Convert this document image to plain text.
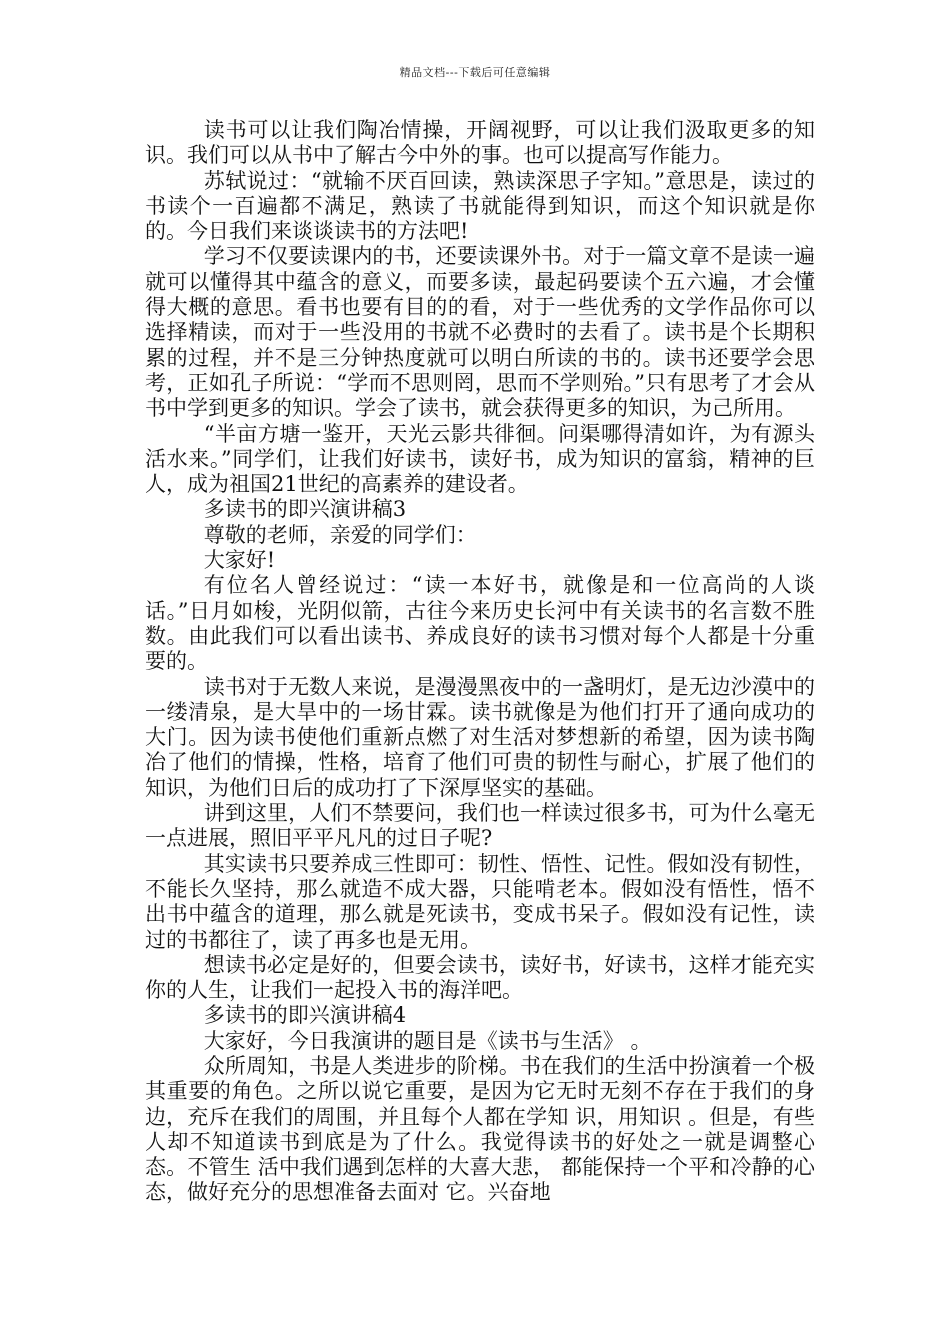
精品文档---下载后可任意编辑

读书可以让我们陶冶情操，开阔视野，可以让我们汲取更多的知识。我们可以从书中了解古今中外的事。也可以提高写作能力。

苏轼说过：“就输不厌百回读，熟读深思子字知。”意思是，读过的书读个一百遍都不满足，熟读了书就能得到知识，而这个知识就是你的。今日我们来谈谈读书的方法吧!

学习不仅要读课内的书，还要读课外书。对于一篇文章不是读一遍就可以懂得其中蕴含的意义，而要多读，最起码要读个五六遍，才会懂得大概的意思。看书也要有目的的看，对于一些优秀的文学作品你可以选择精读，而对于一些没用的书就不必费时的去看了。读书是个长期积累的过程，并不是三分钟热度就可以明白所读的书的。读书还要学会思考，正如孔子所说：“学而不思则罔，思而不学则殆。”只有思考了才会从书中学到更多的知识。学会了读书，就会获得更多的知识，为己所用。

“半亩方塘一鉴开，天光云影共徘徊。问渠哪得清如许，为有源头活水来。”同学们，让我们好读书，读好书，成为知识的富翁，精神的巨人，成为祖国21世纪的高素养的建设者。

多读书的即兴演讲稿3

尊敬的老师，亲爱的同学们：

大家好!

有位名人曾经说过：“读一本好书，就像是和一位高尚的人谈话。”日月如梭，光阴似箭，古往今来历史长河中有关读书的名言数不胜数。由此我们可以看出读书、养成良好的读书习惯对每个人都是十分重要的。

读书对于无数人来说，是漫漫黑夜中的一盏明灯，是无边沙漠中的一缕清泉，是大旱中的一场甘霖。读书就像是为他们打开了通向成功的大门。因为读书使他们重新点燃了对生活对梦想新的希望，因为读书陶冶了他们的情操，性格，培育了他们可贵的韧性与耐心，扩展了他们的知识，为他们日后的成功打了下深厚坚实的基础。

讲到这里，人们不禁要问，我们也一样读过很多书，可为什么毫无一点进展，照旧平平凡凡的过日子呢?

其实读书只要养成三性即可：韧性、悟性、记性。假如没有韧性，不能长久坚持，那么就造不成大器，只能啃老本。假如没有悟性，悟不出书中蕴含的道理，那么就是死读书，变成书呆子。假如没有记性，读过的书都往了，读了再多也是无用。

想读书必定是好的，但要会读书，读好书，好读书，这样才能充实你的人生，让我们一起投入书的海洋吧。

多读书的即兴演讲稿4

大家好，今日我演讲的题目是《读书与生活》 。

众所周知，书是人类进步的阶梯。书在我们的生活中扮演着一个极其重要的角色。之所以说它重要，是因为它无时无刻不存在于我们的身边，充斥在我们的周围，并且每个人都在学知 识，用知识 。但是，有些人却不知道读书到底是为了什么。我觉得读书的好处之一就是调整心态。不管生 活中我们遇到怎样的大喜大悲， 都能保持一个平和冷静的心态，做好充分的思想准备去面对 它。兴奋地
